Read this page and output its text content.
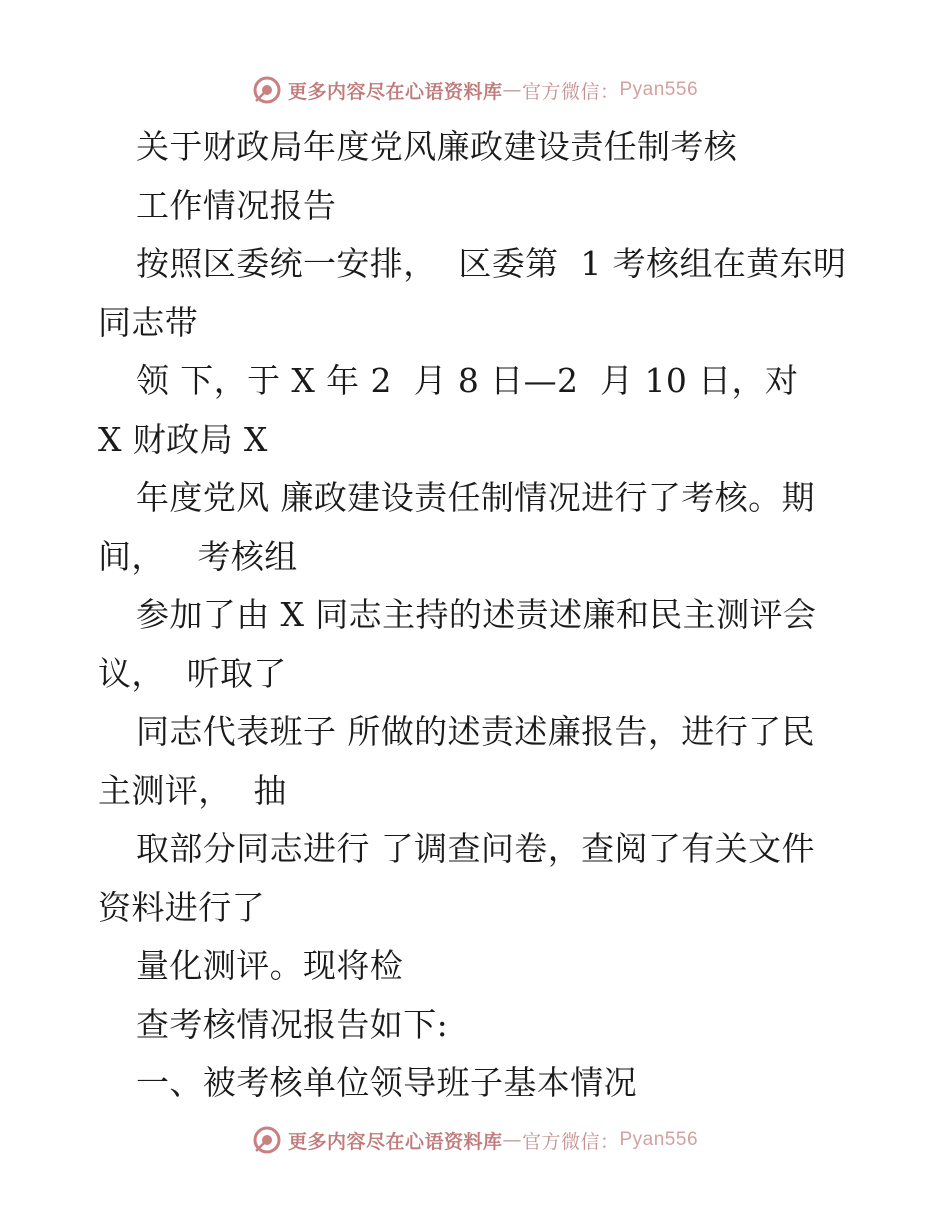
更多内容尽在心语资料库 — 官方微信： Pyan556
关于财政局年度党风廉政建设责任制考核
工作情况报告
按照区委统一安排，  区委第  1 考核组在黄东明
同志带
领 下，于 X 年 2  月 8 日—2  月 10 日，对
X 财政局 X
年度党风 廉政建设责任制情况进行了考核。期
间，   考核组
参加了由 X 同志主持的述责述廉和民主测评会
议，  听取了
同志代表班子 所做的述责述廉报告，进行了民
主测评，  抽
取部分同志进行 了调查问卷，查阅了有关文件
资料进行了
量化测评。现将检
查考核情况报告如下:
一、被考核单位领导班子基本情况
更多内容尽在心语资料库 — 官方微信： Pyan556
